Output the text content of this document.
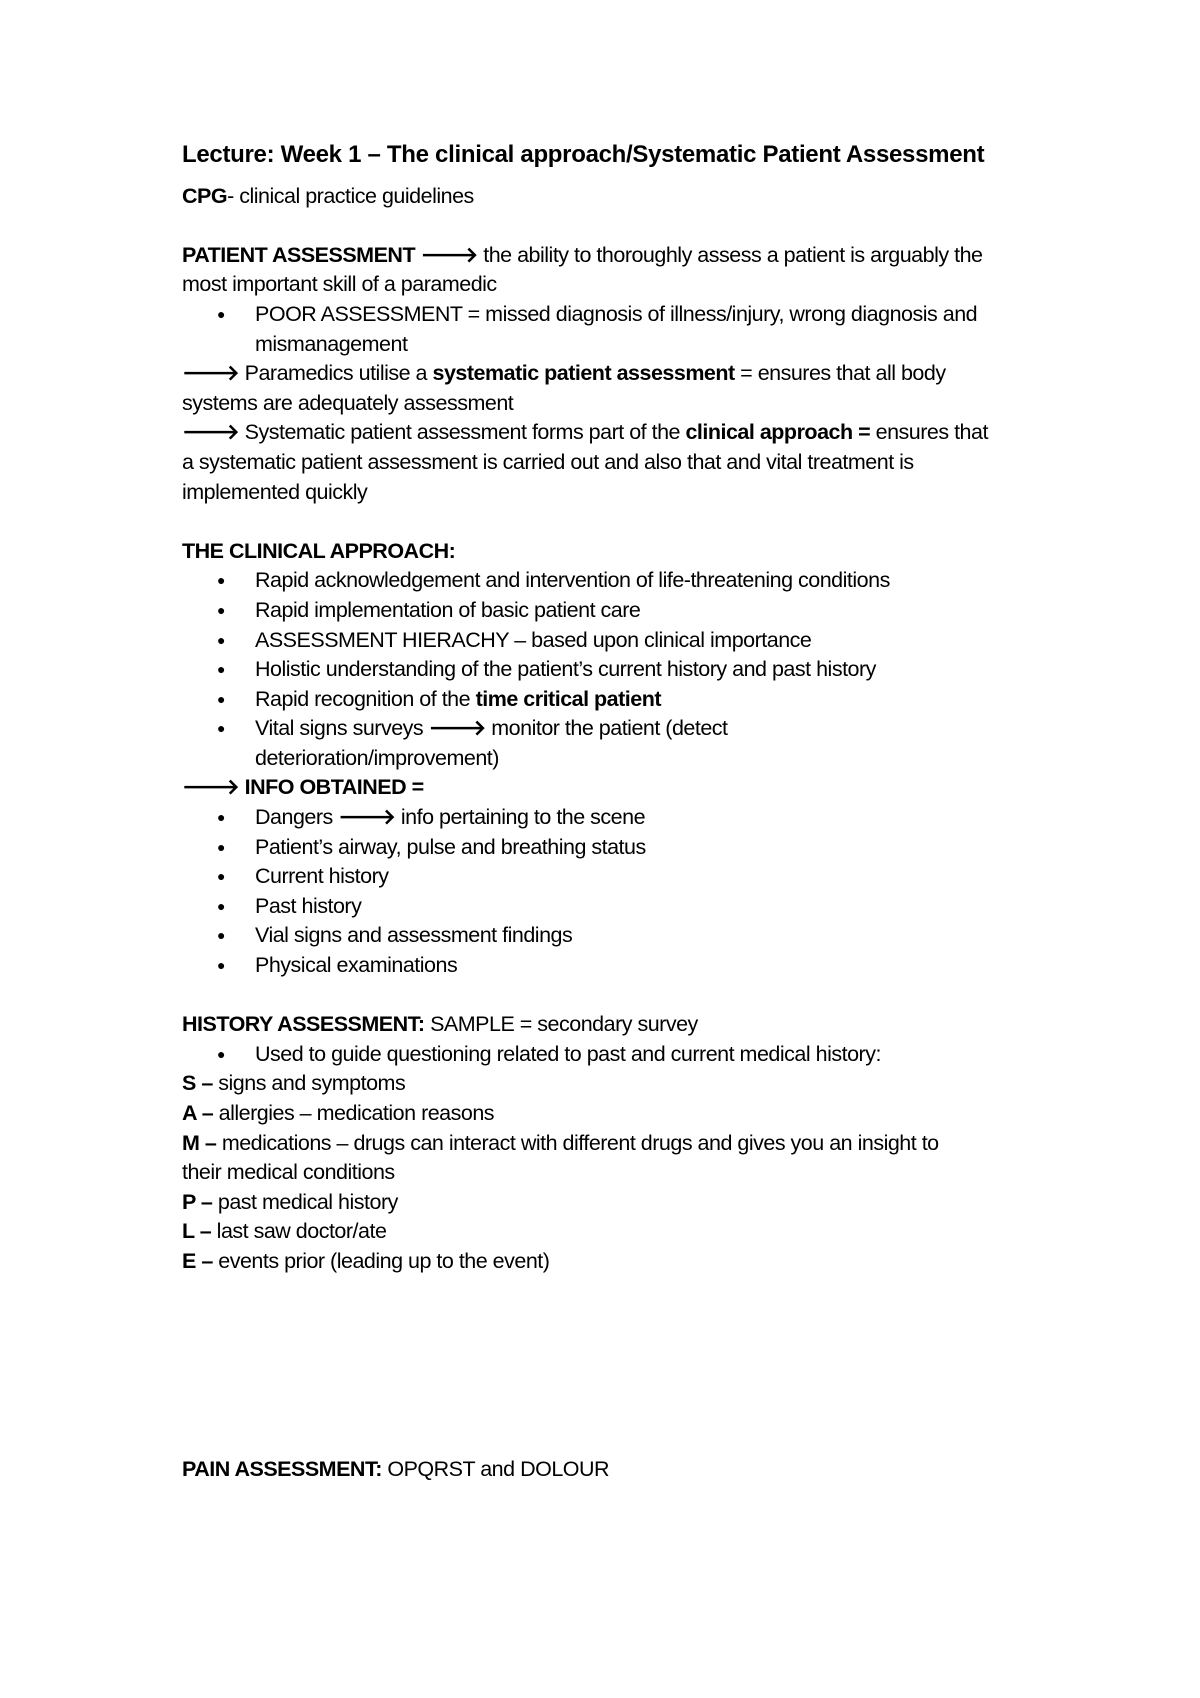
Lecture: Week 1 – The clinical approach/Systematic Patient Assessment
CPG- clinical practice guidelines
PATIENT ASSESSMENT 🡒 the ability to thoroughly assess a patient is arguably the
most important skill of a paramedic
● POOR ASSESSMENT = missed diagnosis of illness/injury, wrong diagnosis and
mismanagement
🡒 Paramedics utilise a systematic patient assessment = ensures that all body
systems are adequately assessment
🡒 Systematic patient assessment forms part of the clinical approach = ensures that
a systematic patient assessment is carried out and also that and vital treatment is
implemented quickly
THE CLINICAL APPROACH:
● Rapid acknowledgement and intervention of life-threatening conditions
● Rapid implementation of basic patient care
● ASSESSMENT HIERACHY – based upon clinical importance
● Holistic understanding of the patient’s current history and past history
● Rapid recognition of the time critical patient
● Vital signs surveys 🡒 monitor the patient (detect
deterioration/improvement)
🡒 INFO OBTAINED =
● Dangers 🡒 info pertaining to the scene
● Patient’s airway, pulse and breathing status
● Current history
● Past history
● Vial signs and assessment findings
● Physical examinations
HISTORY ASSESSMENT: SAMPLE = secondary survey
● Used to guide questioning related to past and current medical history:
S – signs and symptoms
A – allergies – medication reasons
M – medications – drugs can interact with different drugs and gives you an insight to
their medical conditions
P – past medical history
L – last saw doctor/ate
E – events prior (leading up to the event)
PAIN ASSESSMENT: OPQRST and DOLOUR
